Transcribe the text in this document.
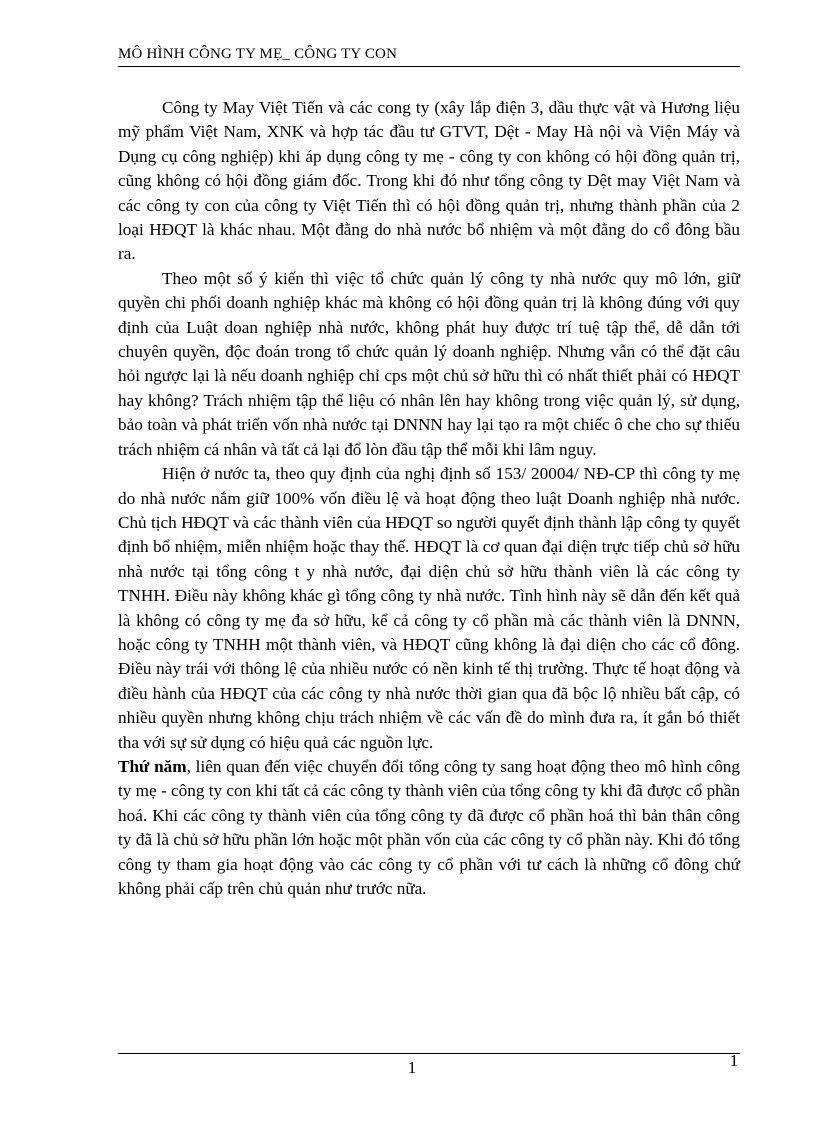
MÔ HÌNH CÔNG TY MẸ_ CÔNG TY CON

Công ty May Việt Tiến và các cong ty (xây lắp điện 3, dầu thực vật và Hương liệu mỹ phẩm Việt Nam, XNK và hợp tác đầu tư GTVT, Dệt - May Hà nội và Viện Máy và Dụng cụ công nghiệp) khi áp dụng công ty mẹ - công ty con không có hội đồng quản trị, cũng không có hội đồng giám đốc. Trong khi đó như tổng công ty Dệt may Việt Nam và các công ty con của công ty Việt Tiến thì có hội đồng quản trị, nhưng thành phần của 2 loại HĐQT là khác nhau. Một đằng do nhà nước bổ nhiệm và một đằng do cổ đông bầu ra.

Theo một số ý kiến thì việc tổ chức quản lý công ty nhà nước quy mô lớn, giữ quyền chi phối doanh nghiệp khác mà không có hội đồng quản trị là không đúng với quy định của Luật doan nghiệp nhà nước, không phát huy được trí tuệ tập thể, dễ dẫn tới chuyên quyền, độc đoán trong tổ chức quản lý doanh nghiệp. Nhưng vẫn có thể đặt câu hỏi ngược lại là nếu doanh nghiệp chỉ cps một chủ sở hữu thì có nhất thiết phải có HĐQT hay không? Trách nhiệm tập thể liệu có nhân lên hay không trong việc quản lý, sử dụng, bảo toàn và phát triển vốn nhà nước tại DNNN hay lại tạo ra một chiếc ô che cho sự thiếu trách nhiệm cá nhân và tất cả lại đổ lòn đầu tập thể mỗi khi lâm nguy.

Hiện ở nước ta, theo quy định của nghị định số 153/ 20004/ NĐ-CP thì công ty mẹ do nhà nước nắm giữ 100% vốn điều lệ và hoạt động theo luật Doanh nghiệp nhà nước. Chủ tịch HĐQT và các thành viên của HĐQT so người quyết định thành lập công ty quyết định bổ nhiệm, miễn nhiệm hoặc thay thế. HĐQT là cơ quan đại diện trực tiếp chủ sở hữu nhà nước tại tổng công t y nhà nước, đại diện chủ sở hữu thành viên là các công ty TNHH. Điều này không khác gì tổng công ty nhà nước. Tình hình này sẽ dẫn đến kết quả là không có công ty mẹ đa sở hữu, kể cả công ty cổ phần mà các thành viên là DNNN, hoặc công ty TNHH một thành viên, và HĐQT cũng không là đại diện cho các cổ đông. Điều này trái với thông lệ của nhiều nước có nền kinh tế thị trường. Thực tế hoạt động và điều hành của HĐQT của các công ty nhà nước thời gian qua đã bộc lộ nhiều bất cập, có nhiều quyền nhưng không chịu trách nhiệm về các vấn đề do mình đưa ra, ít gắn bó thiết tha với sự sử dụng có hiệu quả các nguồn lực.

Thứ năm, liên quan đến việc chuyển đổi tổng công ty sang hoạt động theo mô hình công ty mẹ - công ty con khi tất cả các công ty thành viên của tổng công ty khi đã được cổ phần hoá. Khi các công ty thành viên của tổng công ty đã được cổ phần hoá thì bản thân công ty đã là chủ sở hữu phần lớn hoặc một phần vốn của các công ty cổ phần này. Khi đó tổng công ty tham gia hoạt động vào các công ty cổ phần với tư cách là những cổ đông chứ không phải cấp trên chủ quản như trước nữa.

1	1
